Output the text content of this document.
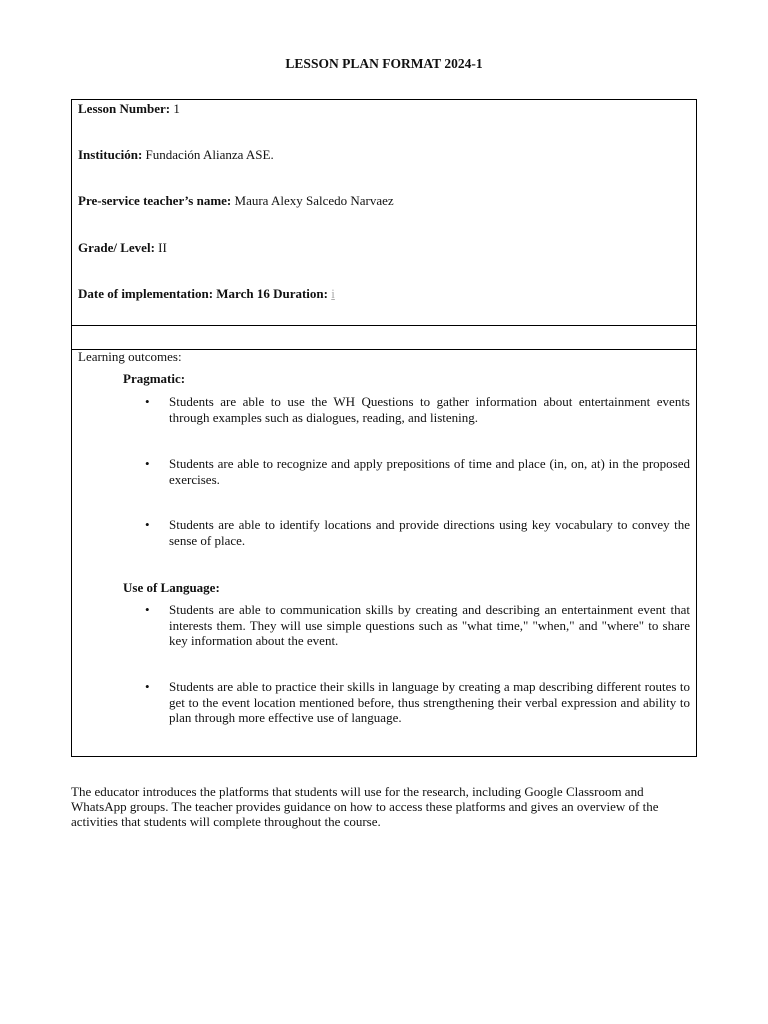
LESSON PLAN FORMAT 2024-1
Lesson Number: 1
Institución: Fundación Alianza ASE.
Pre-service teacher’s name: Maura Alexy Salcedo Narvaez
Grade/ Level: II
Date of implementation: March 16 Duration: i
Learning outcomes:
Pragmatic:
• Students are able to use the WH Questions to gather information about entertainment events through examples such as dialogues, reading, and listening.
• Students are able to recognize and apply prepositions of time and place (in, on, at) in the proposed exercises.
• Students are able to identify locations and provide directions using key vocabulary to convey the sense of place.
Use of Language:
• Students are able to communication skills by creating and describing an entertainment event that interests them. They will use simple questions such as "what time," "when," and "where" to share key information about the event.
• Students are able to practice their skills in language by creating a map describing different routes to get to the event location mentioned before, thus strengthening their verbal expression and ability to plan through more effective use of language.
The educator introduces the platforms that students will use for the research, including Google Classroom and WhatsApp groups. The teacher provides guidance on how to access these platforms and gives an overview of the activities that students will complete throughout the course.
